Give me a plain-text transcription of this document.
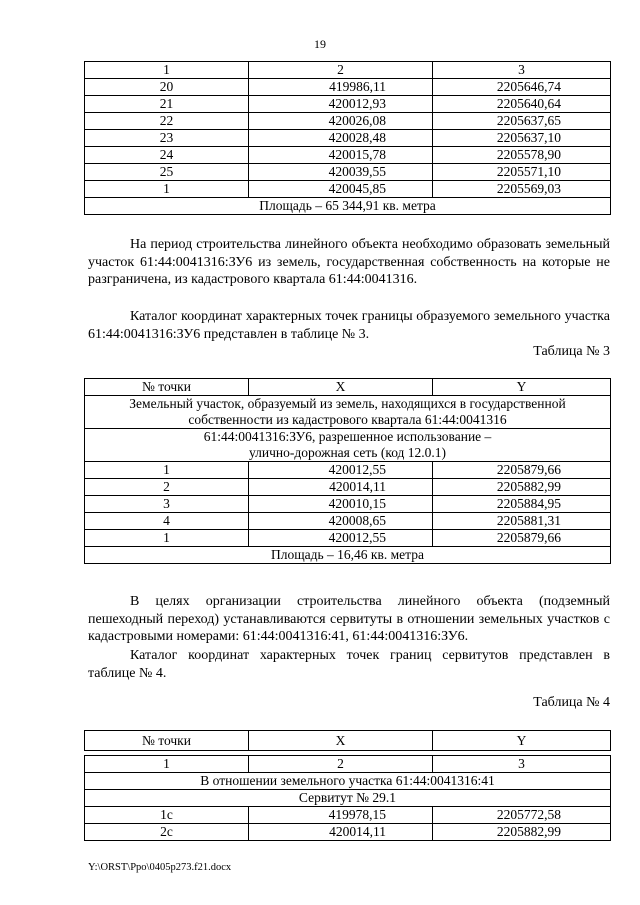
19
1	2	3
20	419986,11	2205646,74
21	420012,93	2205640,64
22	420026,08	2205637,65
23	420028,48	2205637,10
24	420015,78	2205578,90
25	420039,55	2205571,10
1	420045,85	2205569,03
Площадь – 65 344,91 кв. метра		

На период строительства линейного объекта необходимо образовать земельный участок 61:44:0041316:ЗУ6 из земель, государственная собственность на которые не разграничена, из кадастрового квартала 61:44:0041316.

Каталог координат характерных точек границы образуемого земельного участка 61:44:0041316:ЗУ6 представлен в таблице № 3.

Таблица № 3
№ точки	X	Y
Земельный участок, образуемый из земель, находящихся в государственной собственности из кадастрового квартала 61:44:0041316		

61:44:0041316:ЗУ6, разрешенное использование –
улично-дорожная сеть (код 12.0.1)		

1	420012,55	2205879,66
2	420014,11	2205882,99
3	420010,15	2205884,95
4	420008,65	2205881,31
1	420012,55	2205879,66
Площадь – 16,46 кв. метра		

В целях организации строительства линейного объекта (подземный пешеходный переход) устанавливаются сервитуты в отношении земельных участков с кадастровыми номерами: 61:44:0041316:41, 61:44:0041316:ЗУ6.

Каталог координат характерных точек границ сервитутов представлен в таблице № 4.

Таблица № 4
№ точки	X	Y

1	2	3
В отношении земельного участка 61:44:0041316:41		
Сервитут № 29.1		
1с	419978,15	2205772,58
2с	420014,11	2205882,99
Y:\ORST\Ppo\0405p273.f21.docx
